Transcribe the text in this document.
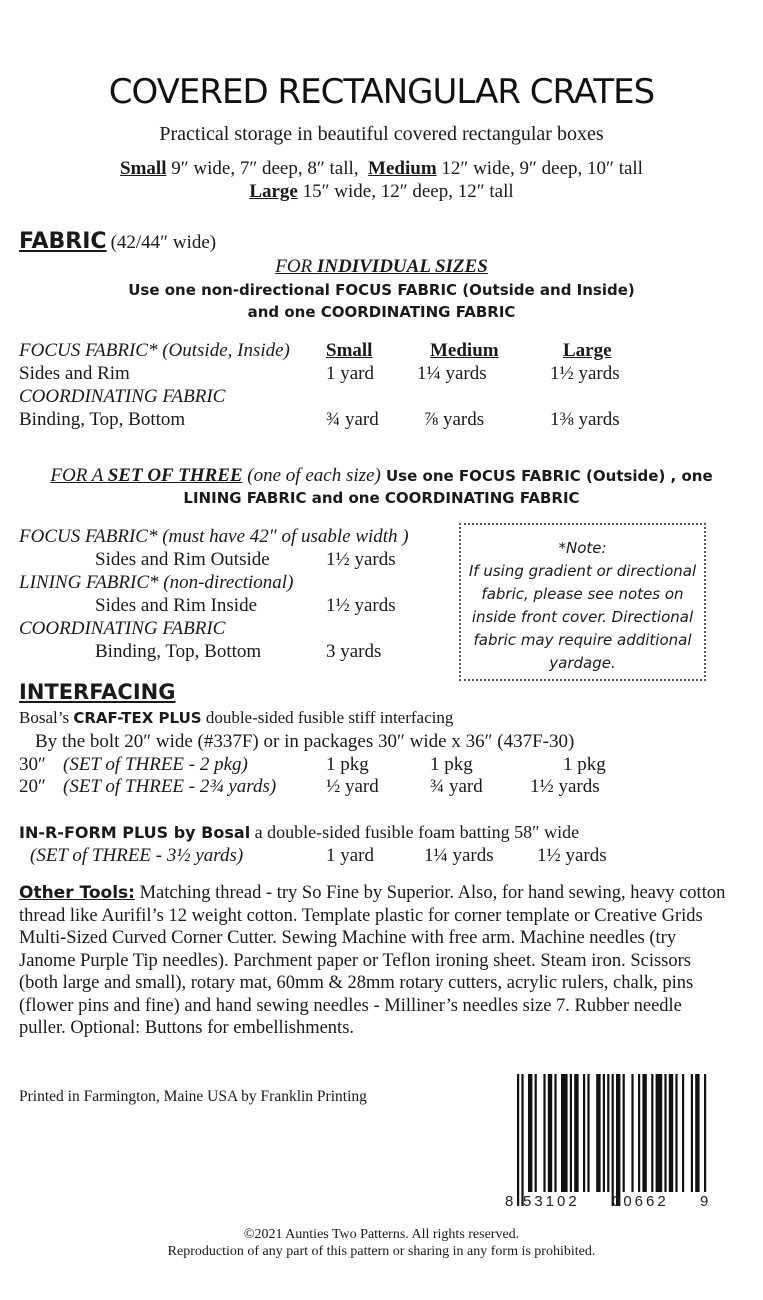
COVERED RECTANGULAR CRATES
Practical storage in beautiful covered rectangular boxes
Small 9″ wide, 7″ deep, 8″ tall, Medium 12″ wide, 9″ deep, 10″ tall
Large 15″ wide, 12″ deep, 12″ tall
FABRIC (42/44″ wide)
FOR INDIVIDUAL SIZES
Use one non-directional FOCUS FABRIC (Outside and Inside)
and one COORDINATING FABRIC
FOCUS FABRIC* (Outside, Inside) Small	Medium	Large
Sides and Rim	1 yard 1¼ yards	1½ yards
COORDINATING FABRIC
Binding, Top, Bottom	¾ yard ⅞ yards	1⅜ yards
FOR A SET OF THREE (one of each size) Use one FOCUS FABRIC (Outside) , one
LINING FABRIC and one COORDINATING FABRIC
FOCUS FABRIC* (must have 42″ of usable width )
Sides and Rim Outside	1½ yards
LINING FABRIC* (non-directional)
Sides and Rim Inside	1½ yards
COORDINATING FABRIC
Binding, Top, Bottom	3 yards
*Note:
If using gradient or directional
fabric, please see notes on
inside front cover. Directional
fabric may require additional
yardage.
INTERFACING
Bosal’s CRAF-TEX PLUS double-sided fusible stiff interfacing
By the bolt 20″ wide (#337F) or in packages 30″ wide x 36″ (437F-30)
30″ (SET of THREE - 2 pkg)	1 pkg	1 pkg	1 pkg
20″ (SET of THREE - 2¾ yards)	½ yard	¾ yard 1½ yards
IN-R-FORM PLUS by Bosal a double-sided fusible foam batting 58″ wide
(SET of THREE - 3½ yards)	1 yard	1¼ yards 1½ yards
Other Tools: Matching thread - try So Fine by Superior. Also, for hand sewing, heavy cotton thread like Aurifil’s 12 weight cotton. Template plastic for corner template or Creative Grids Multi-Sized Curved Corner Cutter. Sewing Machine with free arm. Machine needles (try Janome Purple Tip needles). Parchment paper or Teflon ironing sheet. Steam iron. Scissors (both large and small), rotary mat, 60mm & 28mm rotary cutters, acrylic rulers, chalk, pins (flower pins and fine) and hand sewing needles - Milliner’s needles size 7. Rubber needle puller. Optional: Buttons for embellishments.
Printed in Farmington, Maine USA by Franklin Printing
8 53102 00662 9
©2021 Aunties Two Patterns. All rights reserved.
Reproduction of any part of this pattern or sharing in any form is prohibited.
